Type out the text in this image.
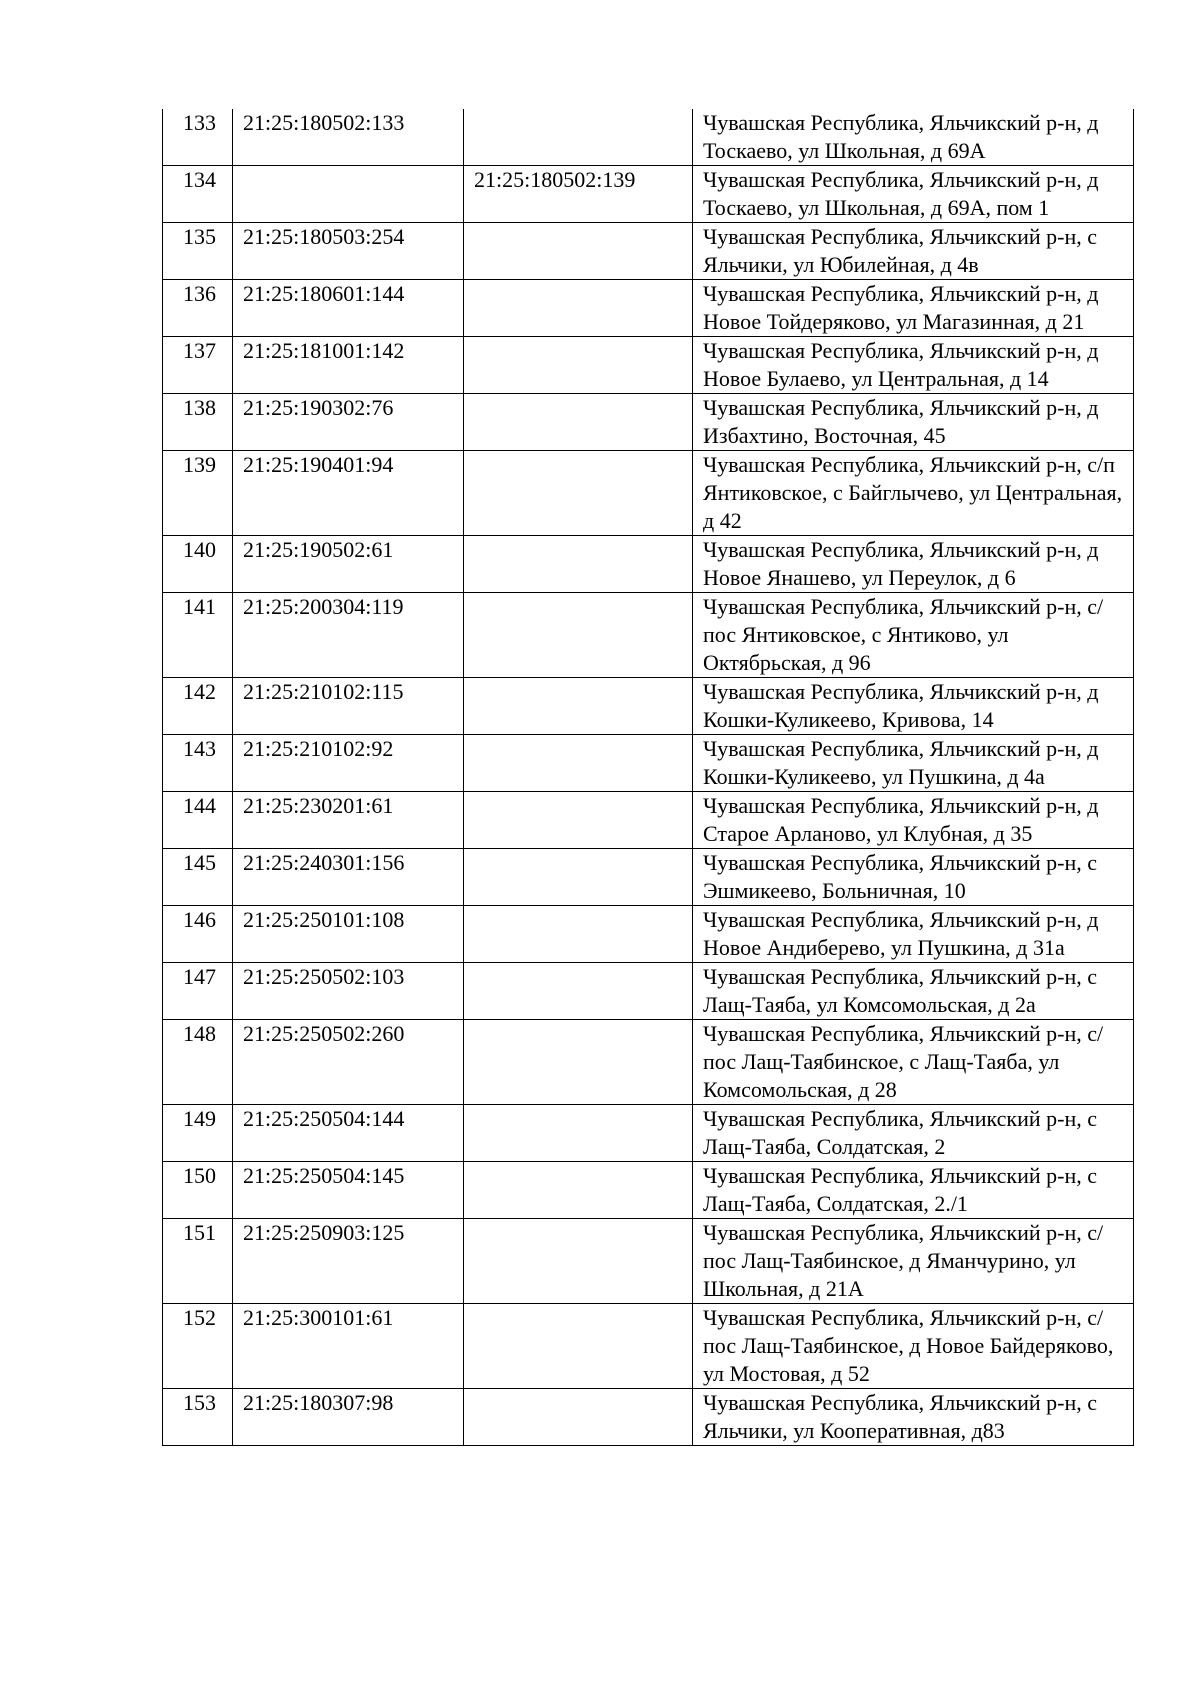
133	21:25:180502:133		Чувашская Республика, Яльчикский р-н, д Тоскаево, ул Школьная, д 69А
134		21:25:180502:139	Чувашская Республика, Яльчикский р-н, д Тоскаево, ул Школьная, д 69А, пом 1
135	21:25:180503:254		Чувашская Республика, Яльчикский р-н, с Яльчики, ул Юбилейная, д 4в
136	21:25:180601:144		Чувашская Республика, Яльчикский р-н, д Новое Тойдеряково, ул Магазинная, д 21
137	21:25:181001:142		Чувашская Республика, Яльчикский р-н, д Новое Булаево, ул Центральная, д 14
138	21:25:190302:76		Чувашская Республика, Яльчикский р-н, д Избахтино, Восточная, 45
139	21:25:190401:94		Чувашская Республика, Яльчикский р-н, с/п Янтиковское, с Байглычево, ул Центральная, д 42
140	21:25:190502:61		Чувашская Республика, Яльчикский р-н, д Новое Янашево, ул Переулок, д 6
141	21:25:200304:119		Чувашская Республика, Яльчикский р-н, с/пос Янтиковское, с Янтиково, ул Октябрьская, д 96
142	21:25:210102:115		Чувашская Республика, Яльчикский р-н, д Кошки-Куликеево, Кривова, 14
143	21:25:210102:92		Чувашская Республика, Яльчикский р-н, д Кошки-Куликеево, ул Пушкина, д 4а
144	21:25:230201:61		Чувашская Республика, Яльчикский р-н, д Старое Арланово, ул Клубная, д 35
145	21:25:240301:156		Чувашская Республика, Яльчикский р-н, с Эшмикеево, Больничная, 10
146	21:25:250101:108		Чувашская Республика, Яльчикский р-н, д Новое Андиберево, ул Пушкина, д 31а
147	21:25:250502:103		Чувашская Республика, Яльчикский р-н, с Лащ-Таяба, ул Комсомольская, д 2а
148	21:25:250502:260		Чувашская Республика, Яльчикский р-н, с/пос Лащ-Таябинское, с Лащ-Таяба, ул Комсомольская, д 28
149	21:25:250504:144		Чувашская Республика, Яльчикский р-н, с Лащ-Таяба, Солдатская, 2
150	21:25:250504:145		Чувашская Республика, Яльчикский р-н, с Лащ-Таяба, Солдатская, 2./1
151	21:25:250903:125		Чувашская Республика, Яльчикский р-н, с/пос Лащ-Таябинское, д Яманчурино, ул Школьная, д 21А
152	21:25:300101:61		Чувашская Республика, Яльчикский р-н, с/пос Лащ-Таябинское, д Новое Байдеряково, ул Мостовая, д 52
153	21:25:180307:98		Чувашская Республика, Яльчикский р-н, с Яльчики, ул Кооперативная, д83
